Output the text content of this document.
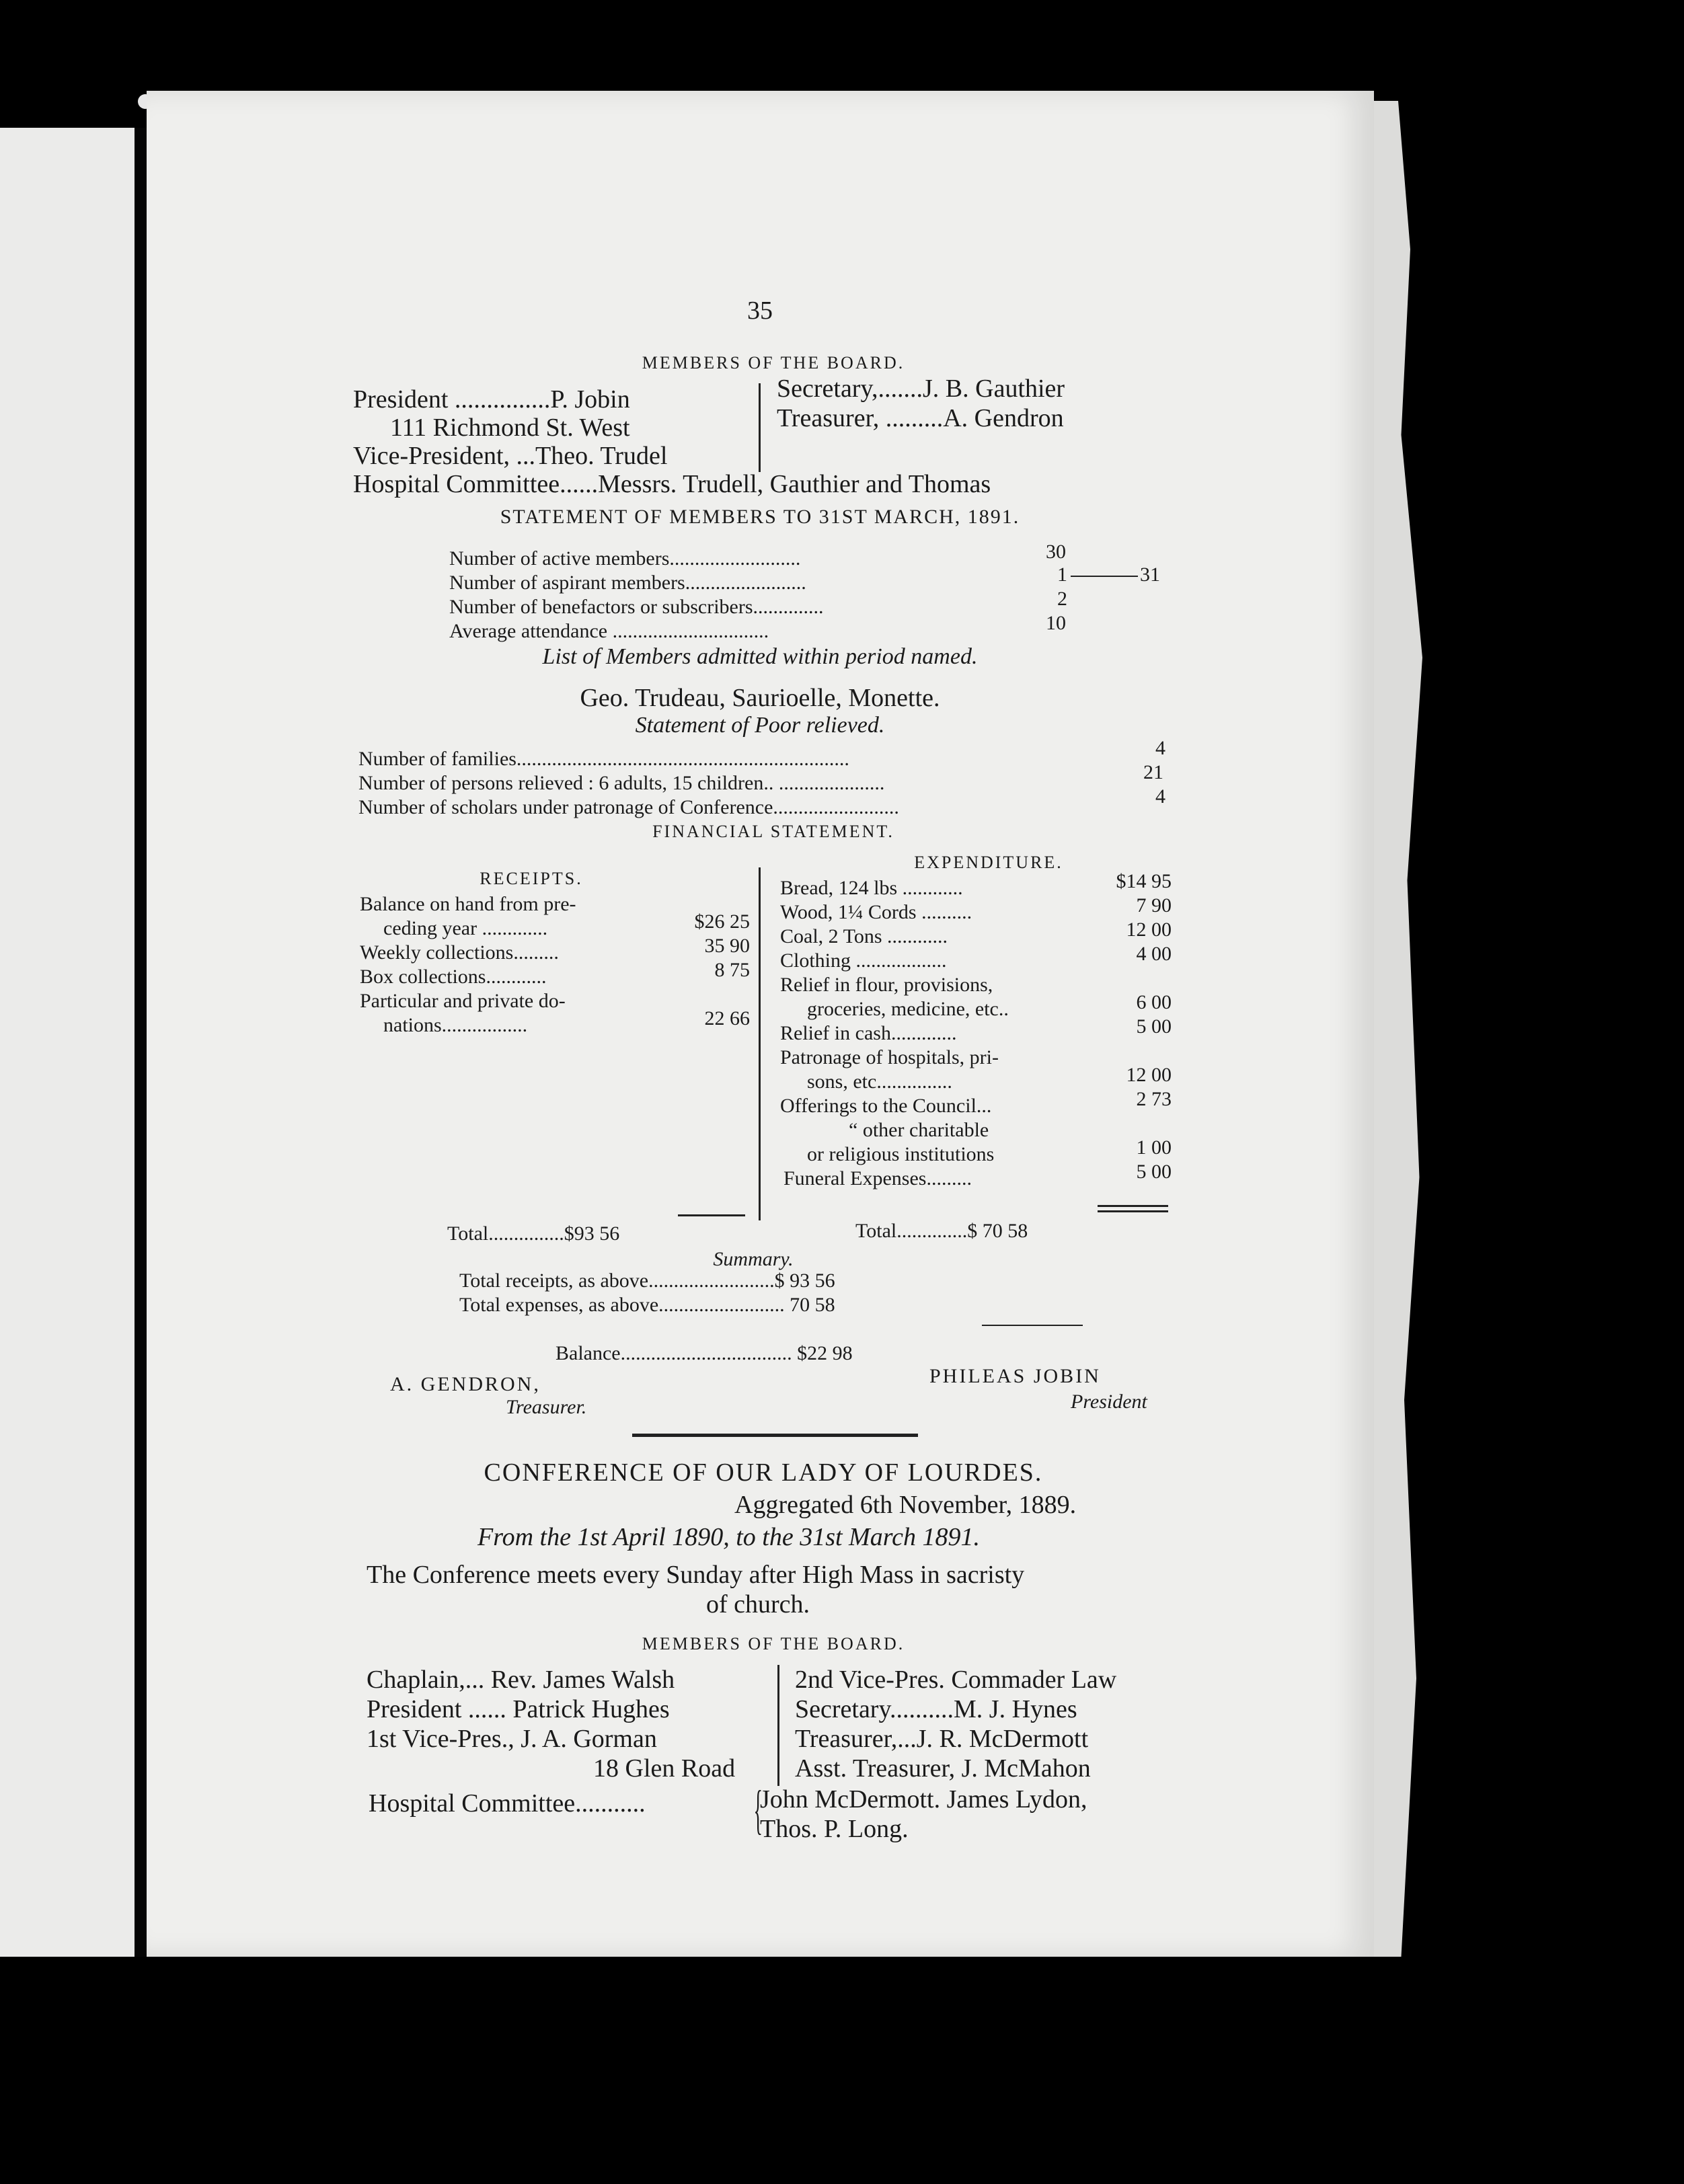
35
MEMBERS OF THE BOARD.
President ...............P. Jobin
111 Richmond St. West
Vice-President, ...Theo. Trudel
Secretary,.......J. B. Gauthier
Treasurer, .........A. Gendron
Hospital Committee......Messrs. Trudell, Gauthier and Thomas
STATEMENT OF MEMBERS TO 31ST MARCH, 1891.
Number of active members..........................	30
Number of aspirant members........................	1	31
Number of benefactors or subscribers..............	2
Average attendance ...............................	10
List of Members admitted within period named.
Geo. Trudeau, Saurioelle, Monette.
Statement of Poor relieved.
Number of families..................................................................	4
Number of persons relieved : 6 adults, 15 children.. .....................	21
Number of scholars under patronage of Conference.........................	4
FINANCIAL STATEMENT.
RECEIPTS.
Balance on hand from pre-
ceding year .............	$26 25
Weekly collections.........	35 90
Box collections............	8 75
Particular and private do-
nations.................	22 66
Total...............$93 56
EXPENDITURE.
Bread, 124 lbs ............	$14 95
Wood, 1¼ Cords ..........	7 90
Coal, 2 Tons ............	12 00
Clothing ..................	4 00
Relief in flour, provisions,
groceries, medicine, etc..	6 00
Relief in cash.............	5 00
Patronage of hospitals, pri-
sons, etc...............	12 00
Offerings to the Council...	2 73
“ other charitable
or religious institutions	1 00
Funeral Expenses.........	5 00
Total..............$ 70 58
Summary.
Total receipts, as above.........................$ 93 56
Total expenses, as above......................... 70 58
Balance.................................. $22 98
A. GENDRON,
Treasurer.
PHILEAS JOBIN
President
CONFERENCE OF OUR LADY OF LOURDES.
Aggregated 6th November, 1889.
From the 1st April 1890, to the 31st March 1891.
The Conference meets every Sunday after High Mass in sacristy
of church.
MEMBERS OF THE BOARD.
Chaplain,... Rev. James Walsh
President ...... Patrick Hughes
1st Vice-Pres., J. A. Gorman
18 Glen Road
2nd Vice-Pres. Commader Law
Secretary..........M. J. Hynes
Treasurer,...J. R. McDermott
Asst. Treasurer, J. McMahon
Hospital Committee........... {
John McDermott. James Lydon,
Thos. P. Long.
